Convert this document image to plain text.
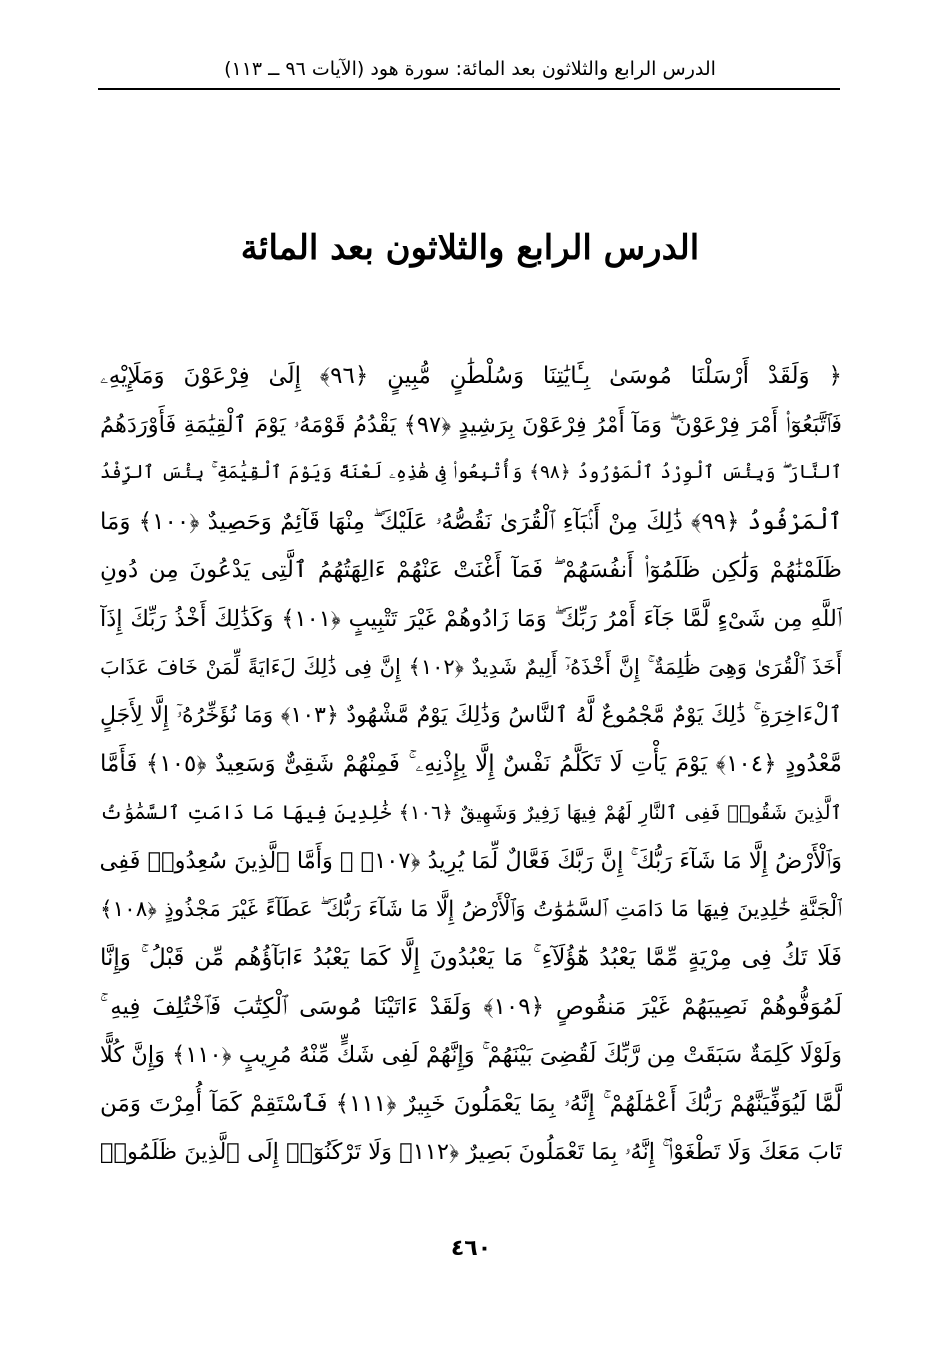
الدرس الرابع والثلاثون بعد المائة: سورة هود (الآيات ٩٦ ــ ١١٣)
الدرس الرابع والثلاثون بعد المائة
﴿ وَلَقَدْ أَرْسَلْنَا مُوسَىٰ بِـَٔايَٰتِنَا وَسُلْطَٰنٍ مُّبِينٍ ﴿٩٦﴾ إِلَىٰ فِرْعَوْنَ وَمَلَإِيْهِۦ
فَٱتَّبَعُوٓا۟ أَمْرَ فِرْعَوْنَ ۖ وَمَآ أَمْرُ فِرْعَوْنَ بِرَشِيدٍ ﴿٩٧﴾ يَقْدُمُ قَوْمَهُۥ يَوْمَ ٱلْقِيَٰمَةِ فَأَوْرَدَهُمُ
ٱلنَّارَ ۖ وَبِئْسَ ٱلْوِرْدُ ٱلْمَوْرُودُ ﴿٩٨﴾ وَأُتْبِعُوا۟ فِى هَٰذِهِۦ لَعْنَةً وَيَوْمَ ٱلْقِيَٰمَةِ ۚ بِئْسَ ٱلرِّفْدُ
ٱلْمَرْفُودُ ﴿٩٩﴾ ذَٰلِكَ مِنْ أَنۢبَآءِ ٱلْقُرَىٰ نَقُصُّهُۥ عَلَيْكَ ۖ مِنْهَا قَآئِمٌ وَحَصِيدٌ ﴿١٠٠﴾ وَمَا
ظَلَمْنَٰهُمْ وَلَٰكِن ظَلَمُوٓا۟ أَنفُسَهُمْ ۖ فَمَآ أَغْنَتْ عَنْهُمْ ءَالِهَتُهُمُ ٱلَّتِى يَدْعُونَ مِن دُونِ
ٱللَّهِ مِن شَىْءٍ لَّمَّا جَآءَ أَمْرُ رَبِّكَ ۖ وَمَا زَادُوهُمْ غَيْرَ تَتْبِيبٍ ﴿١٠١﴾ وَكَذَٰلِكَ أَخْذُ رَبِّكَ إِذَآ
أَخَذَ ٱلْقُرَىٰ وَهِىَ ظَٰلِمَةٌ ۚ إِنَّ أَخْذَهُۥٓ أَلِيمٌ شَدِيدٌ ﴿١٠٢﴾ إِنَّ فِى ذَٰلِكَ لَءَايَةً لِّمَنْ خَافَ عَذَابَ
ٱلْءَاخِرَةِ ۚ ذَٰلِكَ يَوْمٌ مَّجْمُوعٌ لَّهُ ٱلنَّاسُ وَذَٰلِكَ يَوْمٌ مَّشْهُودٌ ﴿١٠٣﴾ وَمَا نُؤَخِّرُهُۥٓ إِلَّا لِأَجَلٍ
مَّعْدُودٍ ﴿١٠٤﴾ يَوْمَ يَأْتِ لَا تَكَلَّمُ نَفْسٌ إِلَّا بِإِذْنِهِۦ ۚ فَمِنْهُمْ شَقِىٌّ وَسَعِيدٌ ﴿١٠٥﴾ فَأَمَّا
ٱلَّذِينَ شَقُوا۟ فَفِى ٱلنَّارِ لَهُمْ فِيهَا زَفِيرٌ وَشَهِيقٌ ﴿١٠٦﴾ خَٰلِدِينَ فِيهَا مَا دَامَتِ ٱلسَّمَٰوَٰتُ
وَٱلْأَرْضُ إِلَّا مَا شَآءَ رَبُّكَ ۚ إِنَّ رَبَّكَ فَعَّالٌ لِّمَا يُرِيدُ ﴿١٠٧﴾ ۞ وَأَمَّا ٱلَّذِينَ سُعِدُوا۟ فَفِى
ٱلْجَنَّةِ خَٰلِدِينَ فِيهَا مَا دَامَتِ ٱلسَّمَٰوَٰتُ وَٱلْأَرْضُ إِلَّا مَا شَآءَ رَبُّكَ ۖ عَطَآءً غَيْرَ مَجْذُوذٍ ﴿١٠٨﴾
فَلَا تَكُ فِى مِرْيَةٍ مِّمَّا يَعْبُدُ هَٰٓؤُلَآءِ ۚ مَا يَعْبُدُونَ إِلَّا كَمَا يَعْبُدُ ءَابَآؤُهُم مِّن قَبْلُ ۚ وَإِنَّا
لَمُوَفُّوهُمْ نَصِيبَهُمْ غَيْرَ مَنقُوصٍ ﴿١٠٩﴾ وَلَقَدْ ءَاتَيْنَا مُوسَى ٱلْكِتَٰبَ فَٱخْتُلِفَ فِيهِ ۚ
وَلَوْلَا كَلِمَةٌ سَبَقَتْ مِن رَّبِّكَ لَقُضِىَ بَيْنَهُمْ ۚ وَإِنَّهُمْ لَفِى شَكٍّ مِّنْهُ مُرِيبٍ ﴿١١٠﴾ وَإِنَّ كُلًّا
لَّمَّا لَيُوَفِّيَنَّهُمْ رَبُّكَ أَعْمَٰلَهُمْ ۚ إِنَّهُۥ بِمَا يَعْمَلُونَ خَبِيرٌ ﴿١١١﴾ فَٱسْتَقِمْ كَمَآ أُمِرْتَ وَمَن
تَابَ مَعَكَ وَلَا تَطْغَوْا۟ ۚ إِنَّهُۥ بِمَا تَعْمَلُونَ بَصِيرٌ ﴿١١٢﴾ وَلَا تَرْكَنُوٓا۟ إِلَى ٱلَّذِينَ ظَلَمُوا۟
٤٦٠
